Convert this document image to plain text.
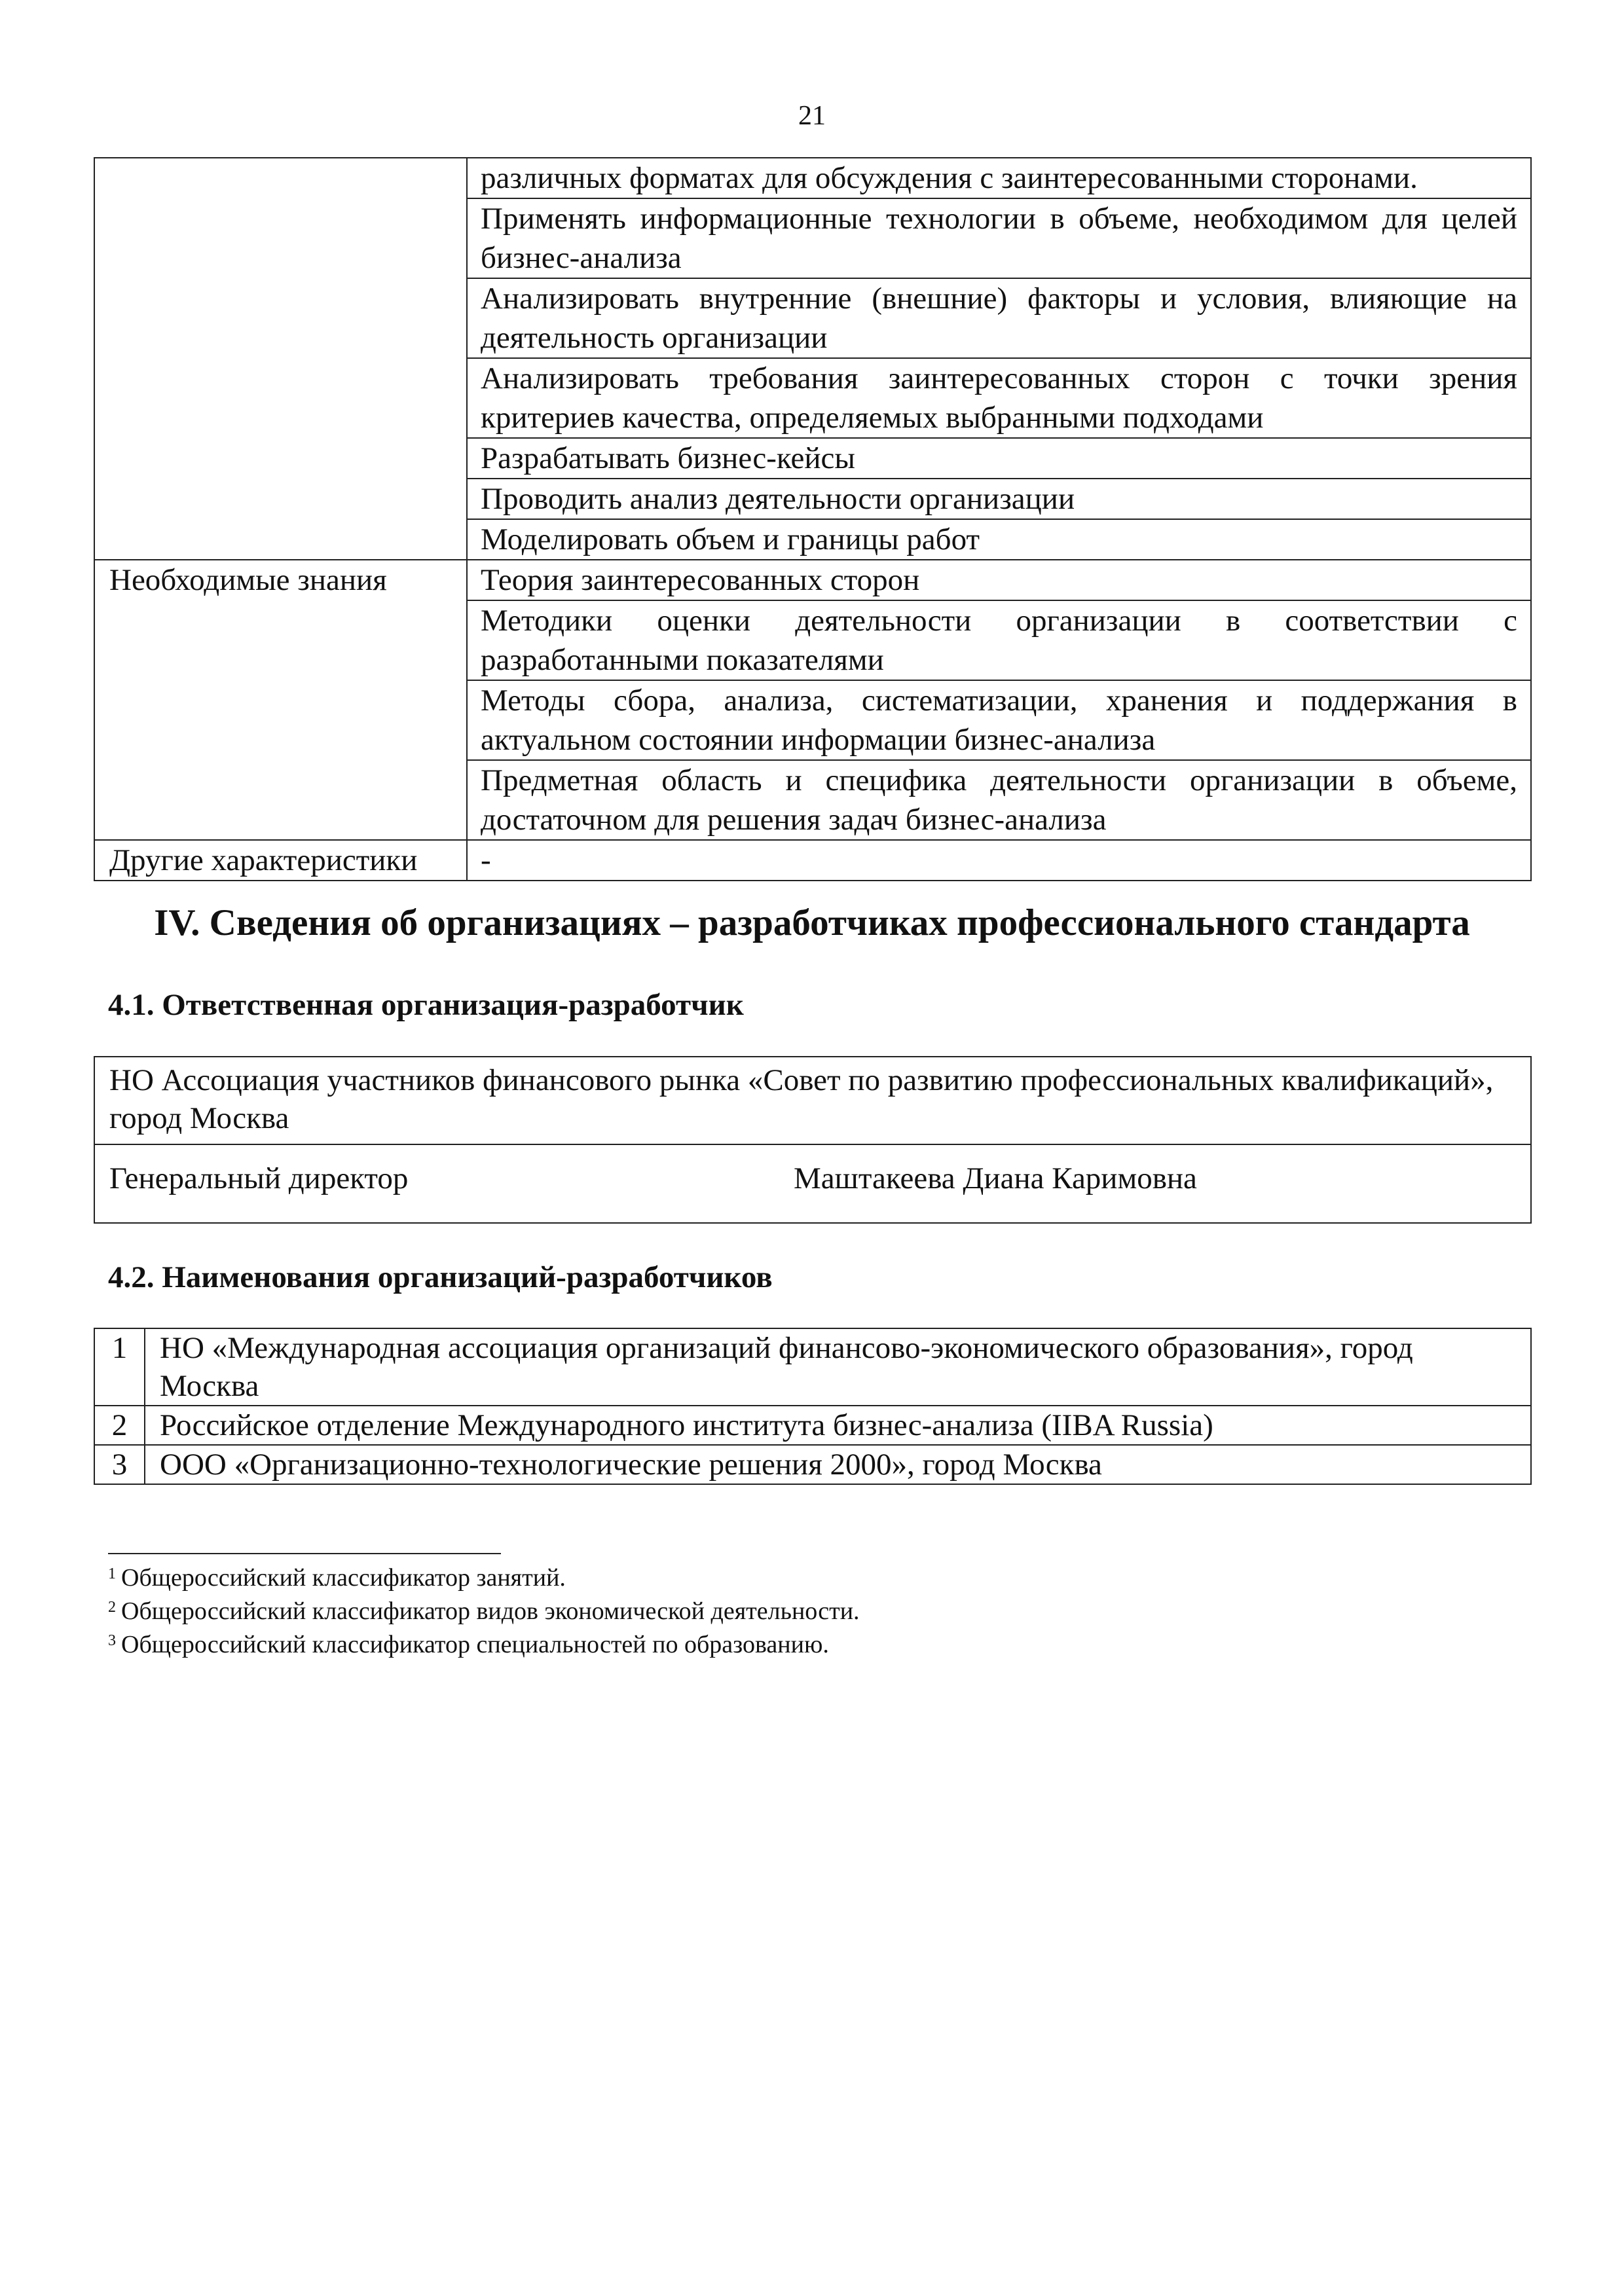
21
	различных форматах для обсуждения с заинтересованными сторонами.
	Применять информационные технологии в объеме, необходимом для целей бизнес-анализа
	Анализировать внутренние (внешние) факторы и условия, влияющие на деятельность организации
	Анализировать требования заинтересованных сторон с точки зрения критериев качества, определяемых выбранными подходами
	Разрабатывать бизнес-кейсы
	Проводить анализ деятельности организации
	Моделировать объем и границы работ
Необходимые знания	Теория заинтересованных сторон
	Методики оценки деятельности организации в соответствии с разработанными показателями
	Методы сбора, анализа, систематизации, хранения и поддержания в актуальном состоянии информации бизнес-анализа
	Предметная область и специфика деятельности организации в объеме, достаточном для решения задач бизнес-анализа
Другие характеристики	-
IV. Сведения об организациях – разработчиках профессионального стандарта
4.1. Ответственная организация-разработчик
НО Ассоциация участников финансового рынка «Совет по развитию профессиональных квалификаций», город Москва
Генеральный директор	Маштакеева Диана Каримовна
4.2. Наименования организаций-разработчиков
1	НО «Международная ассоциация организаций финансово-экономического образования», город Москва
2	Российское отделение Международного института бизнес-анализа (IIBA Russia)
3	ООО «Организационно-технологические решения 2000», город Москва
$^1$ Общероссийский классификатор занятий.
$^2$ Общероссийский классификатор видов экономической деятельности.
$^3$ Общероссийский классификатор специальностей по образованию.
